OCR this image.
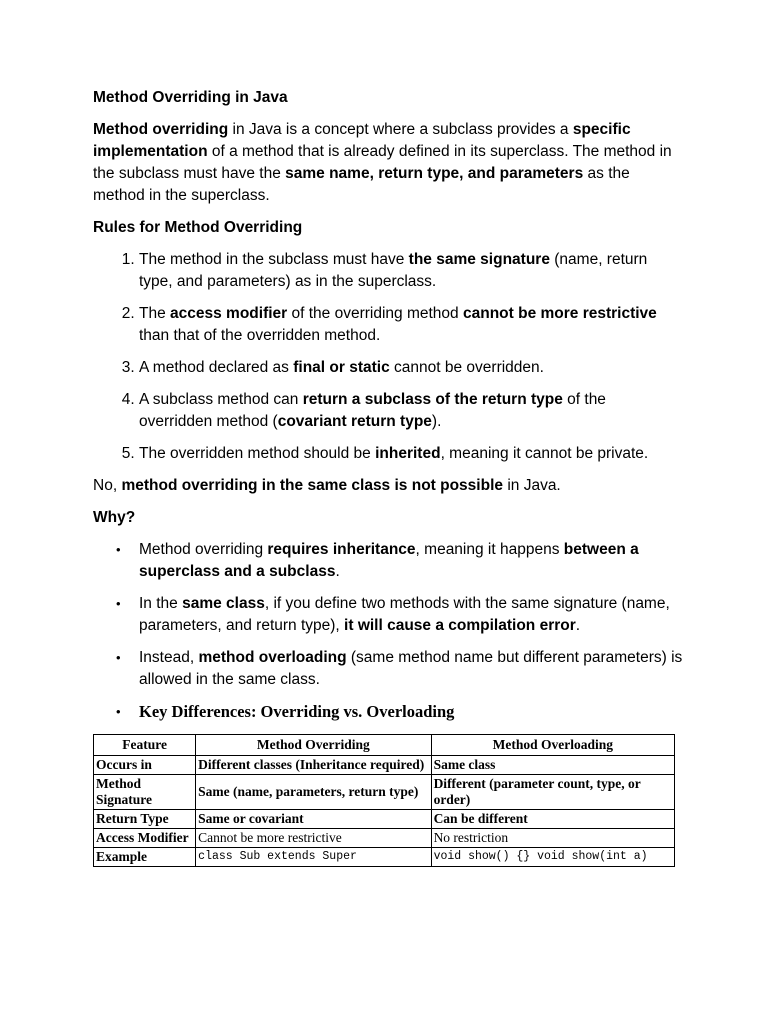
Method Overriding in Java

Method overriding in Java is a concept where a subclass provides a specific implementation of a method that is already defined in its superclass. The method in the subclass must have the same name, return type, and parameters as the method in the superclass.

Rules for Method Overriding

1. The method in the subclass must have the same signature (name, return type, and parameters) as in the superclass.
2. The access modifier of the overriding method cannot be more restrictive than that of the overridden method.
3. A method declared as final or static cannot be overridden.
4. A subclass method can return a subclass of the return type of the overridden method (covariant return type).
5. The overridden method should be inherited, meaning it cannot be private.

No, method overriding in the same class is not possible in Java.

Why?

• Method overriding requires inheritance, meaning it happens between a superclass and a subclass.
• In the same class, if you define two methods with the same signature (name, parameters, and return type), it will cause a compilation error.
• Instead, method overloading (same method name but different parameters) is allowed in the same class.
• Key Differences: Overriding vs. Overloading
Feature	Method Overriding	Method Overloading
Occurs in	Different classes (Inheritance required)	Same class
Method Signature	Same (name, parameters, return type)	Different (parameter count, type, or order)
Return Type	Same or covariant	Can be different
Access Modifier	Cannot be more restrictive	No restriction
Example	class Sub extends Super	void show() {} void show(int a)
